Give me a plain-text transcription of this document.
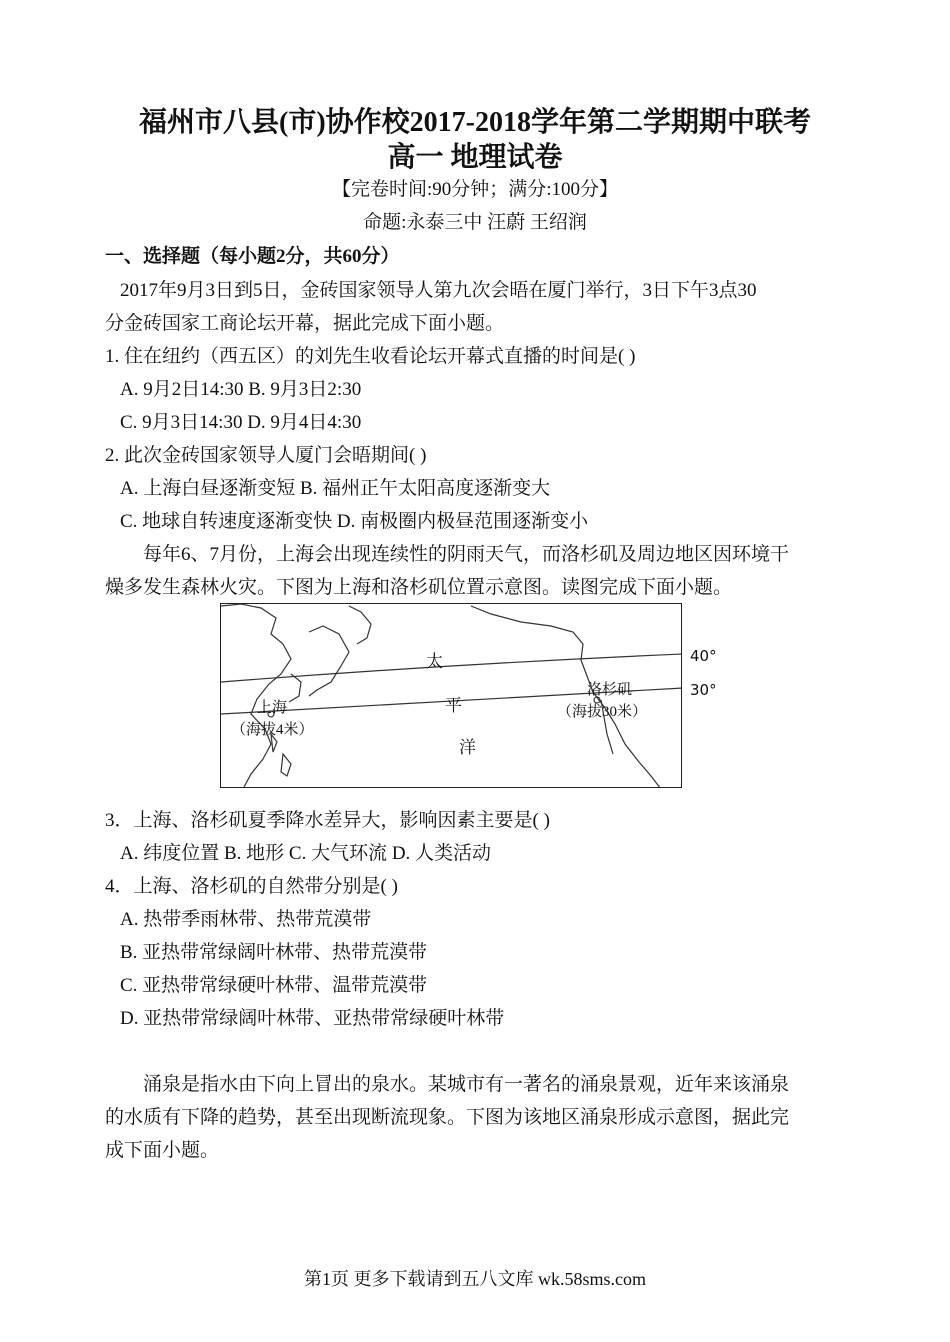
福州市八县(市)协作校2017-2018学年第二学期期中联考
高一 地理试卷
【完卷时间:90分钟；满分:100分】
命题:永泰三中 汪蔚 王绍润
一、选择题（每小题2分，共60分）
2017年9月3日到5日，金砖国家领导人第九次会晤在厦门举行，3日下午3点30
分金砖国家工商论坛开幕，据此完成下面小题。
1. 住在纽约（西五区）的刘先生收看论坛开幕式直播的时间是( )
A. 9月2日14:30 B. 9月3日2:30
C. 9月3日14:30 D. 9月4日4:30
2. 此次金砖国家领导人厦门会晤期间( )
A. 上海白昼逐渐变短 B. 福州正午太阳高度逐渐变大
C. 地球自转速度逐渐变快 D. 南极圈内极昼范围逐渐变小
每年6、7月份，上海会出现连续性的阴雨天气，而洛杉矶及周边地区因环境干
燥多发生森林火灾。下图为上海和洛杉矶位置示意图。读图完成下面小题。
太
平
洋
上海
（海拔4米）
洛杉矶
（海拔30米）
40°
30°
3．上海、洛杉矶夏季降水差异大，影响因素主要是( )
A. 纬度位置 B. 地形 C. 大气环流 D. 人类活动
4．上海、洛杉矶的自然带分别是( )
A. 热带季雨林带、热带荒漠带
B. 亚热带常绿阔叶林带、热带荒漠带
C. 亚热带常绿硬叶林带、温带荒漠带
D. 亚热带常绿阔叶林带、亚热带常绿硬叶林带
涌泉是指水由下向上冒出的泉水。某城市有一著名的涌泉景观，近年来该涌泉
的水质有下降的趋势，甚至出现断流现象。下图为该地区涌泉形成示意图，据此完
成下面小题。
第1页 更多下载请到五八文库 wk.58sms.com
